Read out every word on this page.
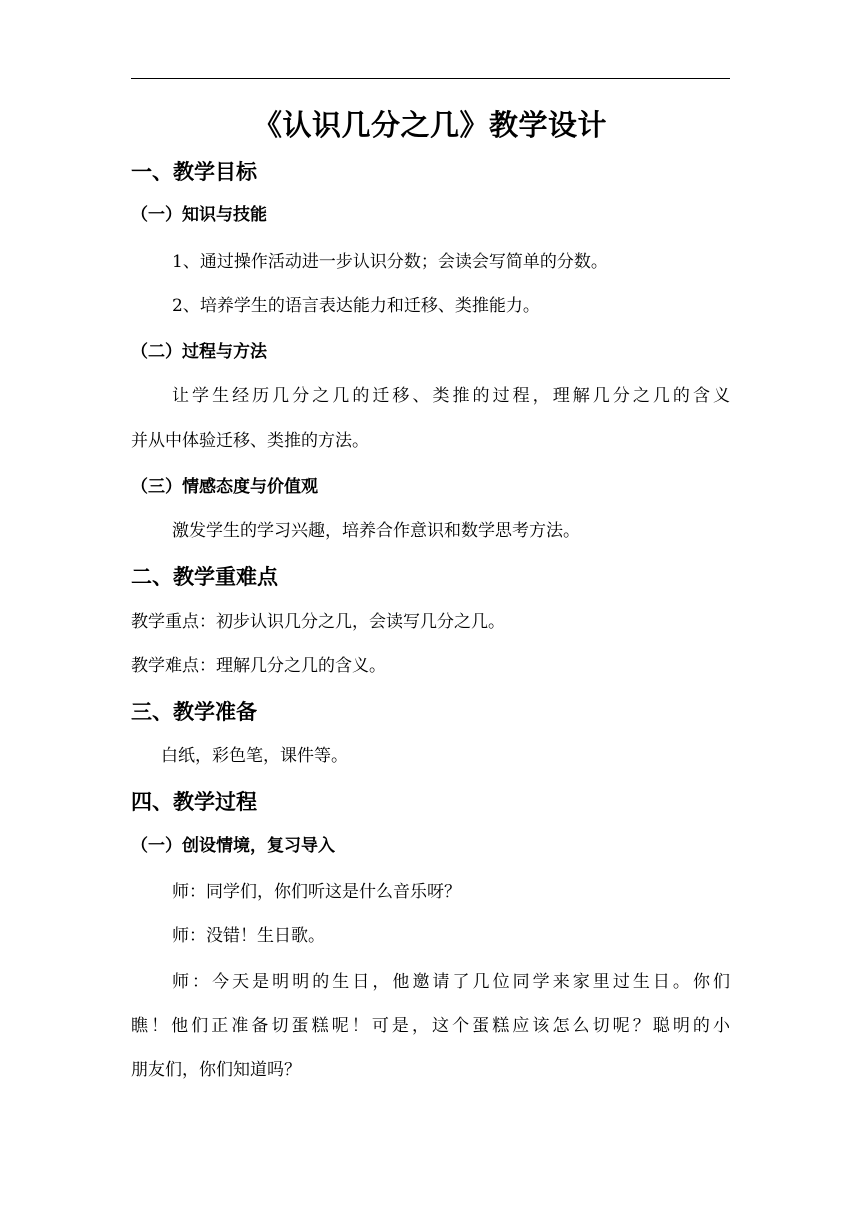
《认识几分之几》教学设计
一、教学目标
（一）知识与技能
1、通过操作活动进一步认识分数；会读会写简单的分数。
2、培养学生的语言表达能力和迁移、类推能力。
（二）过程与方法
让学生经历几分之几的迁移、类推的过程，理解几分之几的含义
并从中体验迁移、类推的方法。
（三）情感态度与价值观
激发学生的学习兴趣，培养合作意识和数学思考方法。
二、教学重难点
教学重点：初步认识几分之几，会读写几分之几。
教学难点：理解几分之几的含义。
三、教学准备
白纸，彩色笔，课件等。
四、教学过程
（一）创设情境，复习导入
师：同学们，你们听这是什么音乐呀？
师：没错！生日歌。
师：今天是明明的生日，他邀请了几位同学来家里过生日。你们
瞧！他们正准备切蛋糕呢！可是，这个蛋糕应该怎么切呢？聪明的小
朋友们，你们知道吗？
